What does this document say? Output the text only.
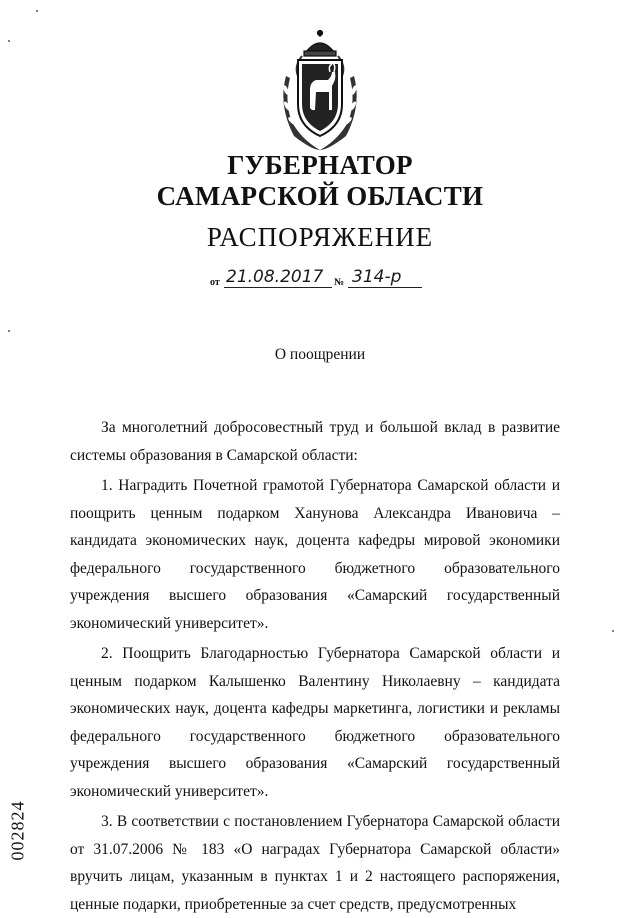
ГУБЕРНАТОР
САМАРСКОЙ ОБЛАСТИ
РАСПОРЯЖЕНИЕ
от 21.08.2017 № 314-р
О поощрении

За многолетний добросовестный труд и большой вклад в развитие системы образования в Самарской области:

1. Наградить Почетной грамотой Губернатора Самарской области и поощрить ценным подарком Ханунова Александра Ивановича – кандидата экономических наук, доцента кафедры мировой экономики федерального государственного бюджетного образовательного учреждения высшего образования «Самарский государственный экономический университет».

2. Поощрить Благодарностью Губернатора Самарской области и ценным подарком Калышенко Валентину Николаевну – кандидата экономических наук, доцента кафедры маркетинга, логистики и рекламы федерального государственного бюджетного образовательного учреждения высшего образования «Самарский государственный экономический университет».

3. В соответствии с постановлением Губернатора Самарской области от 31.07.2006 № 183 «О наградах Губернатора Самарской области» вручить лицам, указанным в пунктах 1 и 2 настоящего распоряжения, ценные подарки, приобретенные за счет средств, предусмотренных

002824
